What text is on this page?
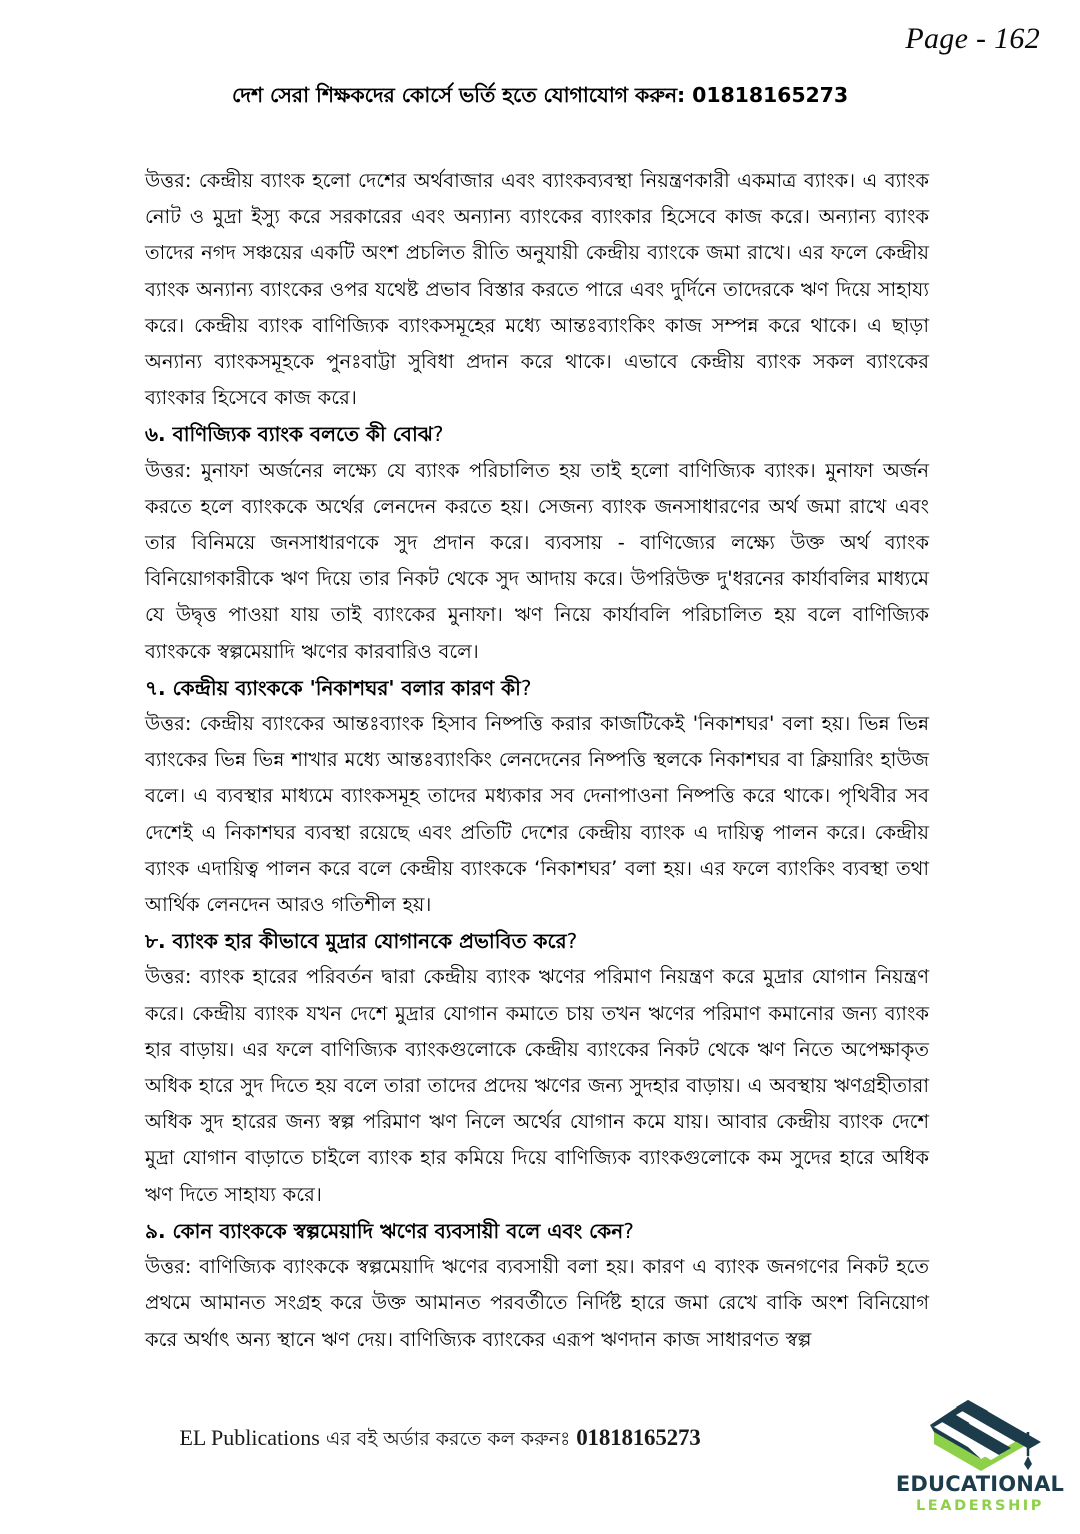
Page - 162
দেশ সেরা শিক্ষকদের কোর্সে ভর্তি হতে যোগাযোগ করুন: 01818165273

উত্তর: কেন্দ্রীয় ব্যাংক হলো দেশের অর্থবাজার এবং ব্যাংকব্যবস্থা নিয়ন্ত্রণকারী একমাত্র ব্যাংক। এ ব্যাংক নোট ও মুদ্রা ইস্যু করে সরকারের এবং অন্যান্য ব্যাংকের ব্যাংকার হিসেবে কাজ করে। অন্যান্য ব্যাংক তাদের নগদ সঞ্চয়ের একটি অংশ প্রচলিত রীতি অনুযায়ী কেন্দ্রীয় ব্যাংকে জমা রাখে। এর ফলে কেন্দ্রীয় ব্যাংক অন্যান্য ব্যাংকের ওপর যথেষ্ট প্রভাব বিস্তার করতে পারে এবং দুর্দিনে তাদেরকে ঋণ দিয়ে সাহায্য করে। কেন্দ্রীয় ব্যাংক বাণিজ্যিক ব্যাংকসমূহের মধ্যে আন্তঃব্যাংকিং কাজ সম্পন্ন করে থাকে। এ ছাড়া অন্যান্য ব্যাংকসমূহকে পুনঃবাট্টা সুবিধা প্রদান করে থাকে। এভাবে কেন্দ্রীয় ব্যাংক সকল ব্যাংকের ব্যাংকার হিসেবে কাজ করে।

৬. বাণিজ্যিক ব্যাংক বলতে কী বোঝ?

উত্তর: মুনাফা অর্জনের লক্ষ্যে যে ব্যাংক পরিচালিত হয় তাই হলো বাণিজ্যিক ব্যাংক। মুনাফা অর্জন করতে হলে ব্যাংককে অর্থের লেনদেন করতে হয়। সেজন্য ব্যাংক জনসাধারণের অর্থ জমা রাখে এবং তার বিনিময়ে জনসাধারণকে সুদ প্রদান করে। ব্যবসায় - বাণিজ্যের লক্ষ্যে উক্ত অর্থ ব্যাংক বিনিয়োগকারীকে ঋণ দিয়ে তার নিকট থেকে সুদ আদায় করে। উপরিউক্ত দু'ধরনের কার্যাবলির মাধ্যমে যে উদ্বৃত্ত পাওয়া যায় তাই ব্যাংকের মুনাফা। ঋণ নিয়ে কার্যাবলি পরিচালিত হয় বলে বাণিজ্যিক ব্যাংককে স্বল্পমেয়াদি ঋণের কারবারিও বলে।

৭. কেন্দ্রীয় ব্যাংককে 'নিকাশঘর' বলার কারণ কী?

উত্তর: কেন্দ্রীয় ব্যাংকের আন্তঃব্যাংক হিসাব নিষ্পত্তি করার কাজটিকেই 'নিকাশঘর' বলা হয়। ভিন্ন ভিন্ন ব্যাংকের ভিন্ন ভিন্ন শাখার মধ্যে আন্তঃব্যাংকিং লেনদেনের নিষ্পত্তি স্থলকে নিকাশঘর বা ক্লিয়ারিং হাউজ বলে। এ ব্যবস্থার মাধ্যমে ব্যাংকসমূহ তাদের মধ্যকার সব দেনাপাওনা নিষ্পত্তি করে থাকে। পৃথিবীর সব দেশেই এ নিকাশঘর ব্যবস্থা রয়েছে এবং প্রতিটি দেশের কেন্দ্রীয় ব্যাংক এ দায়িত্ব পালন করে। কেন্দ্রীয় ব্যাংক এদায়িত্ব পালন করে বলে কেন্দ্রীয় ব্যাংককে ‘নিকাশঘর’ বলা হয়। এর ফলে ব্যাংকিং ব্যবস্থা তথা আর্থিক লেনদেন আরও গতিশীল হয়।

৮. ব্যাংক হার কীভাবে মুদ্রার যোগানকে প্রভাবিত করে?

উত্তর: ব্যাংক হারের পরিবর্তন দ্বারা কেন্দ্রীয় ব্যাংক ঋণের পরিমাণ নিয়ন্ত্রণ করে মুদ্রার যোগান নিয়ন্ত্রণ করে। কেন্দ্রীয় ব্যাংক যখন দেশে মুদ্রার যোগান কমাতে চায় তখন ঋণের পরিমাণ কমানোর জন্য ব্যাংক হার বাড়ায়। এর ফলে বাণিজ্যিক ব্যাংকগুলোকে কেন্দ্রীয় ব্যাংকের নিকট থেকে ঋণ নিতে অপেক্ষাকৃত অধিক হারে সুদ দিতে হয় বলে তারা তাদের প্রদেয় ঋণের জন্য সুদহার বাড়ায়। এ অবস্থায় ঋণগ্রহীতারা অধিক সুদ হারের জন্য স্বল্প পরিমাণ ঋণ নিলে অর্থের যোগান কমে যায়। আবার কেন্দ্রীয় ব্যাংক দেশে মুদ্রা যোগান বাড়াতে চাইলে ব্যাংক হার কমিয়ে দিয়ে বাণিজ্যিক ব্যাংকগুলোকে কম সুদের হারে অধিক ঋণ দিতে সাহায্য করে।

৯. কোন ব্যাংককে স্বল্পমেয়াদি ঋণের ব্যবসায়ী বলে এবং কেন?

উত্তর: বাণিজ্যিক ব্যাংককে স্বল্পমেয়াদি ঋণের ব্যবসায়ী বলা হয়। কারণ এ ব্যাংক জনগণের নিকট হতে প্রথমে আমানত সংগ্রহ করে উক্ত আমানত পরবর্তীতে নির্দিষ্ট হারে জমা রেখে বাকি অংশ বিনিয়োগ করে অর্থাৎ অন্য স্থানে ঋণ দেয়। বাণিজ্যিক ব্যাংকের এরূপ ঋণদান কাজ সাধারণত স্বল্প

EL Publications এর বই অর্ডার করতে কল করুনঃ 01818165273
EDUCATIONAL
LEADERSHIP
